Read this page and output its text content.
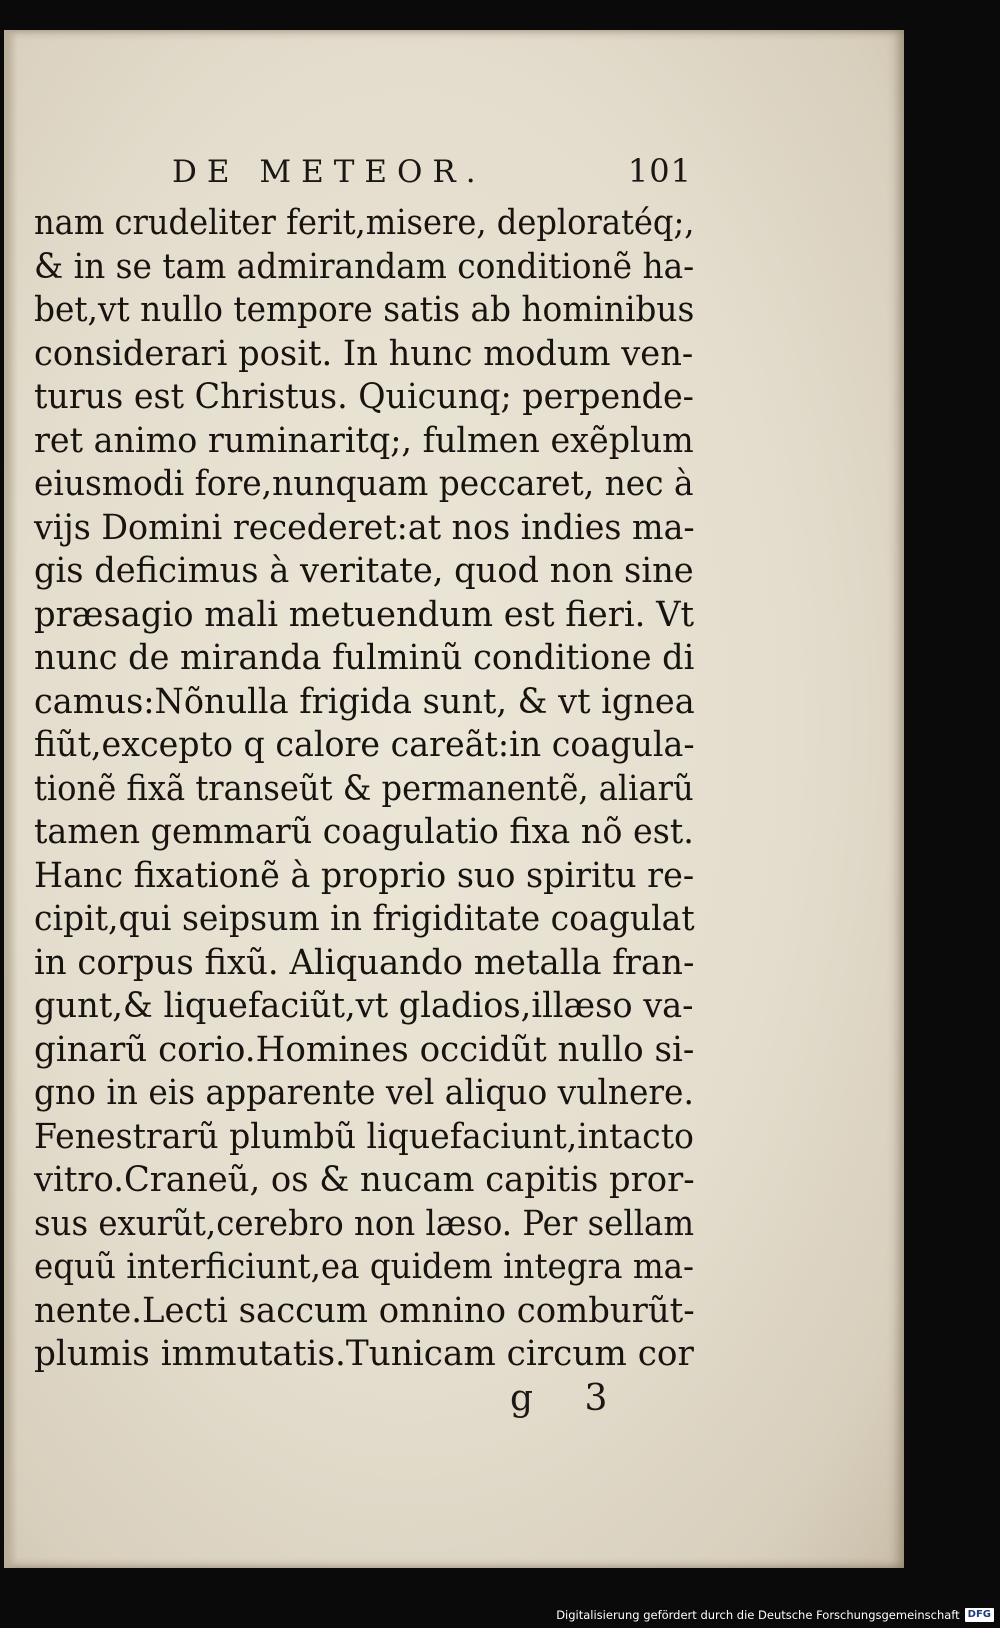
DE METEOR.	101
nam crudeliter ferit,misere, deploratéq;,
& in se tam admirandam conditionẽ ha-
bet,vt nullo tempore satis ab hominibus
considerari posit. In hunc modum ven-
turus est Christus. Quicunq; perpende-
ret animo ruminaritq;, fulmen exẽplum
eiusmodi fore,nunquam peccaret, nec à
vijs Domini recederet:at nos indies ma-
gis deficimus à veritate, quod non sine
præsagio mali metuendum est fieri. Vt
nunc de miranda fulminũ conditione di
camus:Nõnulla frigida sunt, & vt ignea
fiũt,excepto q calore careãt:in coagula-
tionẽ fixã transeũt & permanentẽ, aliarũ
tamen gemmarũ coagulatio fixa nõ est.
Hanc fixationẽ à proprio suo spiritu re-
cipit,qui seipsum in frigiditate coagulat
in corpus fixũ. Aliquando metalla fran-
gunt,& liquefaciũt,vt gladios,illæso va-
ginarũ corio.Homines occidũt nullo si-
gno in eis apparente vel aliquo vulnere.
Fenestrarũ plumbũ liquefaciunt,intacto
vitro.Craneũ, os & nucam capitis pror-
sus exurũt,cerebro non læso. Per sellam
equũ interficiunt,ea quidem integra ma-
nente.Lecti saccum omnino comburũt-
plumis immutatis.Tunicam circum cor
g 3
Digitalisierung gefördert durch die Deutsche Forschungsgemeinschaft DFG
